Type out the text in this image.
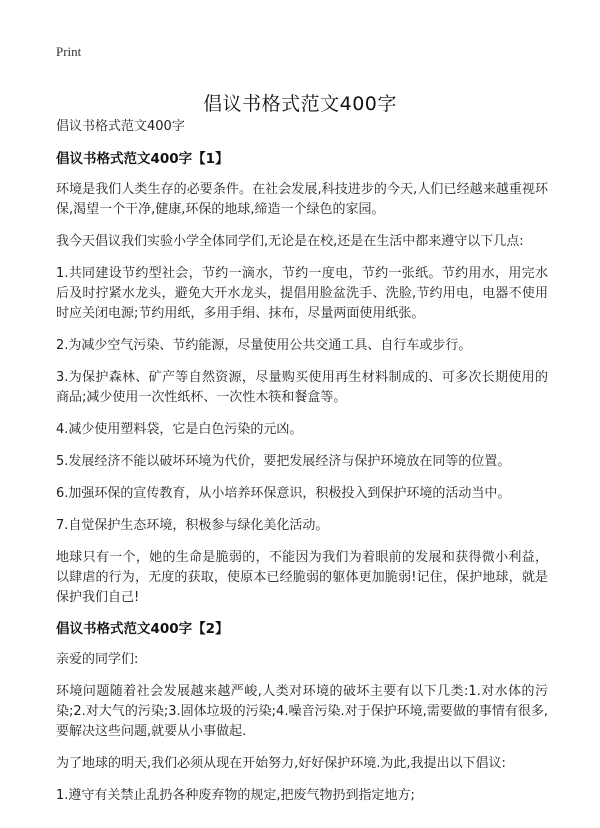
Print
倡议书格式范文400字

倡议书格式范文400字

倡议书格式范文400字【1】

环境是我们人类生存的必要条件。在社会发展,科技进步的今天,人们已经越来越重视环保,渴望一个干净,健康,环保的地球,缔造一个绿色的家园。

我今天倡议我们实验小学全体同学们,无论是在校,还是在生活中都来遵守以下几点:

1.共同建设节约型社会，节约一滴水，节约一度电，节约一张纸。节约用水，用完水后及时拧紧水龙头，避免大开水龙头，提倡用脸盆洗手、洗脸,节约用电，电器不使用时应关闭电源;节约用纸，多用手绢、抹布，尽量两面使用纸张。

2.为减少空气污染、节约能源，尽量使用公共交通工具、自行车或步行。

3.为保护森林、矿产等自然资源，尽量购买使用再生材料制成的、可多次长期使用的商品;减少使用一次性纸杯、一次性木筷和餐盒等。

4.减少使用塑料袋，它是白色污染的元凶。

5.发展经济不能以破坏环境为代价，要把发展经济与保护环境放在同等的位置。

6.加强环保的宣传教育，从小培养环保意识，积极投入到保护环境的活动当中。

7.自觉保护生态环境，积极参与绿化美化活动。

地球只有一个，她的生命是脆弱的，不能因为我们为着眼前的发展和获得微小利益，以肆虐的行为，无度的获取，使原本已经脆弱的躯体更加脆弱!记住，保护地球，就是保护我们自己!

倡议书格式范文400字【2】

亲爱的同学们:

环境问题随着社会发展越来越严峻,人类对环境的破坏主要有以下几类:1.对水体的污染;2.对大气的污染;3.固体垃圾的污染;4.噪音污染.对于保护环境,需要做的事情有很多,要解决这些问题,就要从小事做起.

为了地球的明天,我们必须从现在开始努力,好好保护环境.为此,我提出以下倡议:

1.遵守有关禁止乱扔各种废弃物的规定,把废气物扔到指定地方;
